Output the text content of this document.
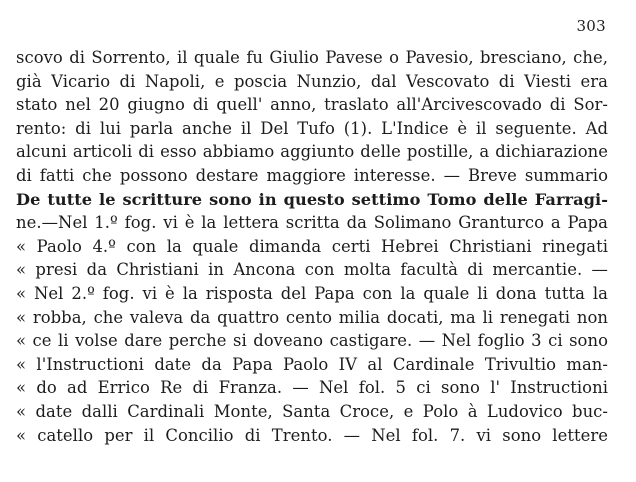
303
scovo di Sorrento, il quale fu Giulio Pavese o Pavesio, bresciano, che,
già Vicario di Napoli, e poscia Nunzio, dal Vescovato di Viesti era
stato nel 20 giugno di quell' anno, traslato all'Arcivescovado di Sor-
rento: di lui parla anche il Del Tufo (1). L'Indice è il seguente. Ad
alcuni articoli di esso abbiamo aggiunto delle postille, a dichiarazione
di fatti che possono destare maggiore interesse. — Breve summario
De tutte le scritture sono in questo settimo Tomo delle Farragi-
ne.—Nel 1.º fog. vi è la lettera scritta da Solimano Granturco a Papa
« Paolo 4.º con la quale dimanda certi Hebrei Christiani rinegati
« presi da Christiani in Ancona con molta facultà di mercantie. —
« Nel 2.º fog. vi è la risposta del Papa con la quale li dona tutta la
« robba, che valeva da quattro cento milia docati, ma li renegati non
« ce li volse dare perche si doveano castigare. — Nel foglio 3 ci sono
« l'Instructioni date da Papa Paolo IV al Cardinale Trivultio man-
« do ad Errico Re di Franza. — Nel fol. 5 ci sono l' Instructioni
« date dalli Cardinali Monte, Santa Croce, e Polo à Ludovico buc-
« catello per il Concilio di Trento. — Nel fol. 7. vi sono lettere
